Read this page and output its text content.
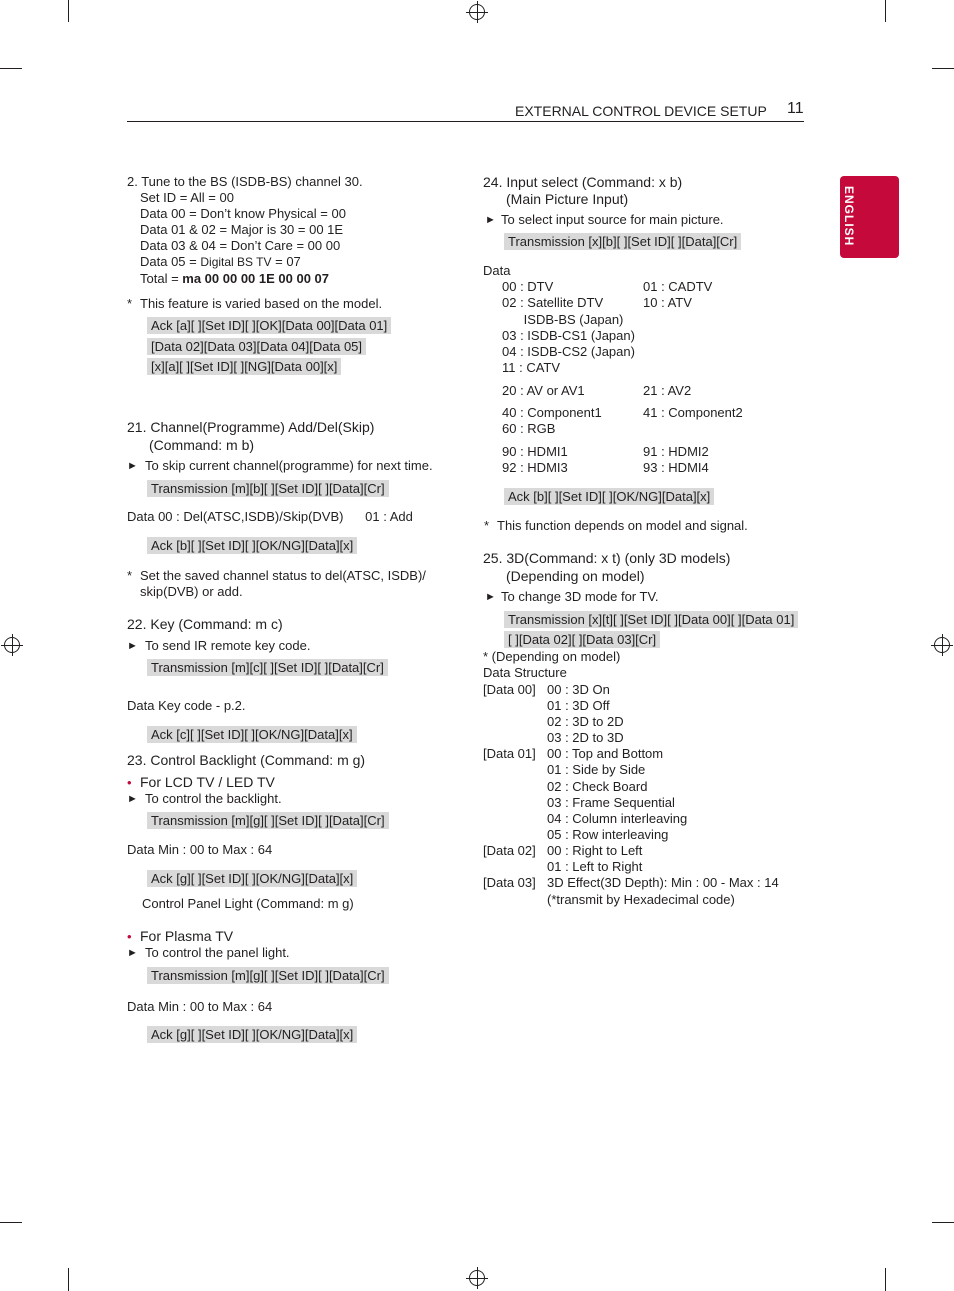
EXTERNAL CONTROL DEVICE SETUP 11
ENGLISH
2. Tune to the BS (ISDB-BS) channel 30.
Set ID = All = 00
Data 00 = Don’t know Physical = 00
Data 01 & 02 = Major is 30 = 00 1E
Data 03 & 04 = Don’t Care = 00 00
Data 05 = Digital BS TV = 07
Total = ma 00 00 00 1E 00 00 07
* This feature is varied based on the model.
Ack [a][ ][Set ID][ ][OK][Data 00][Data 01]
[Data 02][Data 03][Data 04][Data 05]
[x][a][ ][Set ID][ ][NG][Data 00][x]
21. Channel(Programme) Add/Del(Skip)
(Command: m b)
► To skip current channel(programme) for next time.
Transmission [m][b][ ][Set ID][ ][Data][Cr]
Data 00 : Del(ATSC,ISDB)/Skip(DVB)      01 : Add
Ack [b][ ][Set ID][ ][OK/NG][Data][x]
* Set the saved channel status to del(ATSC, ISDB)/
skip(DVB) or add.
22. Key (Command: m c)
► To send IR remote key code.
Transmission [m][c][ ][Set ID][ ][Data][Cr]
Data Key code - p.2.
Ack [c][ ][Set ID][ ][OK/NG][Data][x]
23. Control Backlight (Command: m g)
• For LCD TV / LED TV
► To control the backlight.
Transmission [m][g][ ][Set ID][ ][Data][Cr]
Data Min : 00 to Max : 64
Ack [g][ ][Set ID][ ][OK/NG][Data][x]
Control Panel Light (Command: m g)
• For Plasma TV
► To control the panel light.
Transmission [m][g][ ][Set ID][ ][Data][Cr]
Data Min : 00 to Max : 64
Ack [g][ ][Set ID][ ][OK/NG][Data][x]
24. Input select (Command: x b)
(Main Picture Input)
► To select input source for main picture.
Transmission [x][b][ ][Set ID][ ][Data][Cr]
Data
00 : DTV	01 : CADTV
02 : Satellite DTV	10 : ATV
ISDB-BS (Japan)
03 : ISDB-CS1 (Japan)
04 : ISDB-CS2 (Japan)
11 : CATV
20 : AV or AV1	21 : AV2
40 : Component1	41 : Component2
60 : RGB
90 : HDMI1	91 : HDMI2
92 : HDMI3	93 : HDMI4
Ack [b][ ][Set ID][ ][OK/NG][Data][x]
* This function depends on model and signal.
25. 3D(Command: x t) (only 3D models)
(Depending on model)
► To change 3D mode for TV.
Transmission [x][t][ ][Set ID][ ][Data 00][ ][Data 01]
[ ][Data 02][ ][Data 03][Cr]
* (Depending on model)
Data Structure
[Data 00] 00 : 3D On
01 : 3D Off
02 : 3D to 2D
03 : 2D to 3D
[Data 01] 00 : Top and Bottom
01 : Side by Side
02 : Check Board
03 : Frame Sequential
04 : Column interleaving
05 : Row interleaving
[Data 02] 00 : Right to Left
01 : Left to Right
[Data 03] 3D Effect(3D Depth): Min : 00 - Max : 14
(*transmit by Hexadecimal code)
